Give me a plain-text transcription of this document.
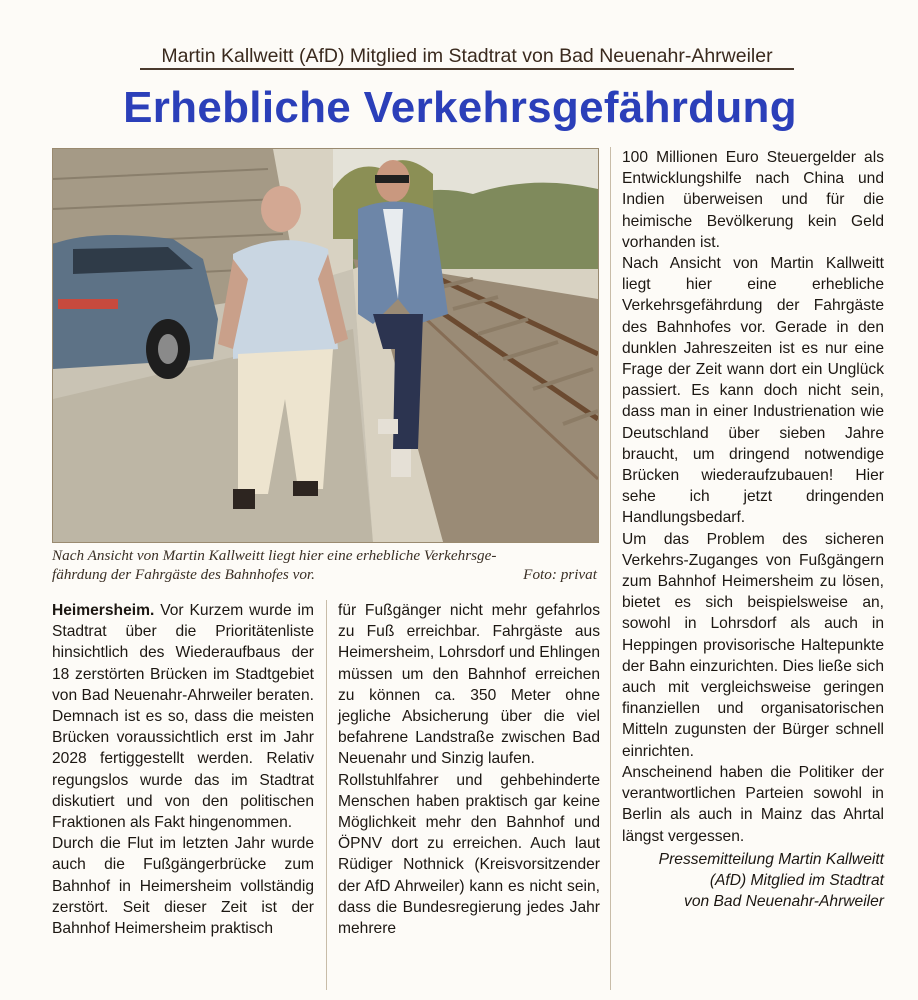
Martin Kallweitt (AfD) Mitglied im Stadtrat von Bad Neuenahr-Ahrweiler
Erhebliche Verkehrsgefährdung
Nach Ansicht von Martin Kallweitt liegt hier eine erhebliche Verkehrsge-
fährdung der Fahrgäste des Bahnhofes vor.	Foto: privat

Heimersheim. Vor Kurzem wurde im Stadtrat über die Prioritätenliste hinsichtlich des Wiederaufbaus der 18 zerstörten Brücken im Stadtgebiet von Bad Neuenahr-Ahrweiler beraten. Demnach ist es so, dass die meisten Brücken voraussichtlich erst im Jahr 2028 fertiggestellt werden. Relativ regungslos wurde das im Stadtrat diskutiert und von den politischen Fraktionen als Fakt hingenommen.

Durch die Flut im letzten Jahr wurde auch die Fußgängerbrücke zum Bahnhof in Heimersheim vollständig zerstört. Seit dieser Zeit ist der Bahnhof Heimersheim praktisch

für Fußgänger nicht mehr gefahrlos zu Fuß erreichbar. Fahrgäste aus Heimersheim, Lohrsdorf und Ehlingen müssen um den Bahnhof erreichen zu können ca. 350 Meter ohne jegliche Absicherung über die viel befahrene Landstraße zwischen Bad Neuenahr und Sinzig laufen.

Rollstuhlfahrer und gehbehinderte Menschen haben praktisch gar keine Möglichkeit mehr den Bahnhof und ÖPNV dort zu erreichen. Auch laut Rüdiger Nothnick (Kreisvorsitzender der AfD Ahrweiler) kann es nicht sein, dass die Bundesregierung jedes Jahr mehrere

100 Millionen Euro Steuergelder als Entwicklungshilfe nach China und Indien überweisen und für die heimische Bevölkerung kein Geld vorhanden ist.

Nach Ansicht von Martin Kallweitt liegt hier eine erhebliche Verkehrsgefährdung der Fahrgäste des Bahnhofes vor. Gerade in den dunklen Jahreszeiten ist es nur eine Frage der Zeit wann dort ein Unglück passiert. Es kann doch nicht sein, dass man in einer Industrienation wie Deutschland über sieben Jahre braucht, um dringend notwendige Brücken wiederaufzubauen! Hier sehe ich jetzt dringenden Handlungsbedarf.

Um das Problem des sicheren Verkehrs-Zuganges von Fußgängern zum Bahnhof Heimersheim zu lösen, bietet es sich beispielsweise an, sowohl in Lohrsdorf als auch in Heppingen provisorische Haltepunkte der Bahn einzurichten. Dies ließe sich auch mit vergleichsweise geringen finanziellen und organisatorischen Mitteln zugunsten der Bürger schnell einrichten.

Anscheinend haben die Politiker der verantwortlichen Parteien sowohl in Berlin als auch in Mainz das Ahrtal längst vergessen.

Pressemitteilung Martin Kallweitt
(AfD) Mitglied im Stadtrat
von Bad Neuenahr-Ahrweiler
